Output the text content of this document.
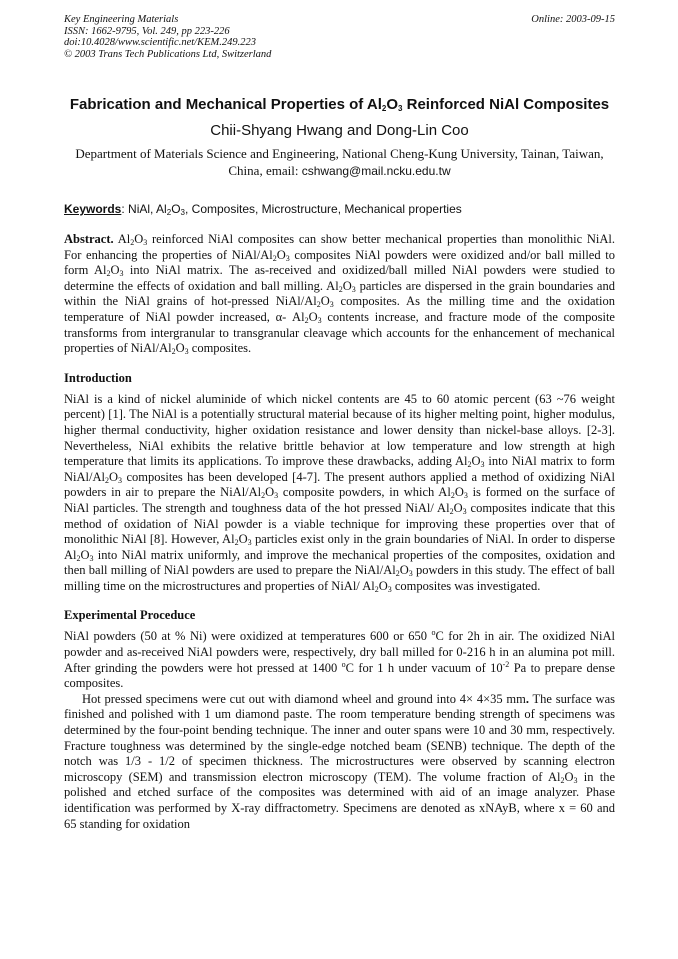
Key Engineering Materials
ISSN: 1662-9795, Vol. 249, pp 223-226
doi:10.4028/www.scientific.net/KEM.249.223
© 2003 Trans Tech Publications Ltd, Switzerland
Online: 2003-09-15
Fabrication and Mechanical Properties of $Al_2O_3$ Reinforced NiAl Composites
Chii-Shyang Hwang and Dong-Lin Coo
Department of Materials Science and Engineering, National Cheng-Kung University, Tainan, Taiwan, China, email: cshwang@mail.ncku.edu.tw
Keywords: NiAl, $Al_2O_3$, Composites, Microstructure, Mechanical properties

Abstract. $Al_2O_3$ reinforced NiAl composites can show better mechanical properties than monolithic NiAl. For enhancing the properties of NiAl/$Al_2O_3$ composites NiAl powders were oxidized and/or ball milled to form $Al_2O_3$ into NiAl matrix. The as-received and oxidized/ball milled NiAl powders were studied to determine the effects of oxidation and ball milling. $Al_2O_3$ particles are dispersed in the grain boundaries and within the NiAl grains of hot-pressed NiAl/$Al_2O_3$ composites. As the milling time and the oxidation temperature of NiAl powder increased, α- $Al_2O_3$ contents increase, and fracture mode of the composite transforms from intergranular to transgranular cleavage which accounts for the enhancement of mechanical properties of NiAl/$Al_2O_3$ composites.

Introduction

NiAl is a kind of nickel aluminide of which nickel contents are 45 to 60 atomic percent (63 ~76 weight percent) [1]. The NiAl is a potentially structural material because of its higher melting point, higher modulus, higher thermal conductivity, higher oxidation resistance and lower density than nickel-base alloys. [2-3]. Nevertheless, NiAl exhibits the relative brittle behavior at low temperature and low strength at high temperature that limits its applications. To improve these drawbacks, adding $Al_2O_3$ into NiAl matrix to form NiAl/$Al_2O_3$ composites has been developed [4-7]. The present authors applied a method of oxidizing NiAl powders in air to prepare the NiAl/$Al_2O_3$ composite powders, in which $Al_2O_3$ is formed on the surface of NiAl particles. The strength and toughness data of the hot pressed NiAl/ $Al_2O_3$ composites indicate that this method of oxidation of NiAl powder is a viable technique for improving these properties over that of monolithic NiAl [8]. However, $Al_2O_3$ particles exist only in the grain boundaries of NiAl. In order to disperse $Al_2O_3$ into NiAl matrix uniformly, and improve the mechanical properties of the composites, oxidation and then ball milling of NiAl powders are used to prepare the NiAl/$Al_2O_3$ powders in this study. The effect of ball milling time on the microstructures and properties of NiAl/ $Al_2O_3$ composites was investigated.

Experimental Proceduce

NiAl powders (50 at % Ni) were oxidized at temperatures 600 or 650 $^o$C for 2h in air. The oxidized NiAl powder and as-received NiAl powders were, respectively, dry ball milled for 0-216 h in an alumina pot mill. After grinding the powders were hot pressed at 1400 $^o$C for 1 h under vacuum of $10^{-2}$ Pa to prepare dense composites.

Hot pressed specimens were cut out with diamond wheel and ground into 4× 4×35 mm. The surface was finished and polished with 1 um diamond paste. The room temperature bending strength of specimens was determined by the four-point bending technique. The inner and outer spans were 10 and 30 mm, respectively. Fracture toughness was determined by the single-edge notched beam (SENB) technique. The depth of the notch was 1/3 - 1/2 of specimen thickness. The microstructures were observed by scanning electron microscopy (SEM) and transmission electron microscopy (TEM). The volume fraction of $Al_2O_3$ in the polished and etched surface of the composites was determined with aid of an image analyzer. Phase identification was performed by X-ray diffractometry. Specimens are denoted as xNAyB, where x = 60 and 65 standing for oxidation
